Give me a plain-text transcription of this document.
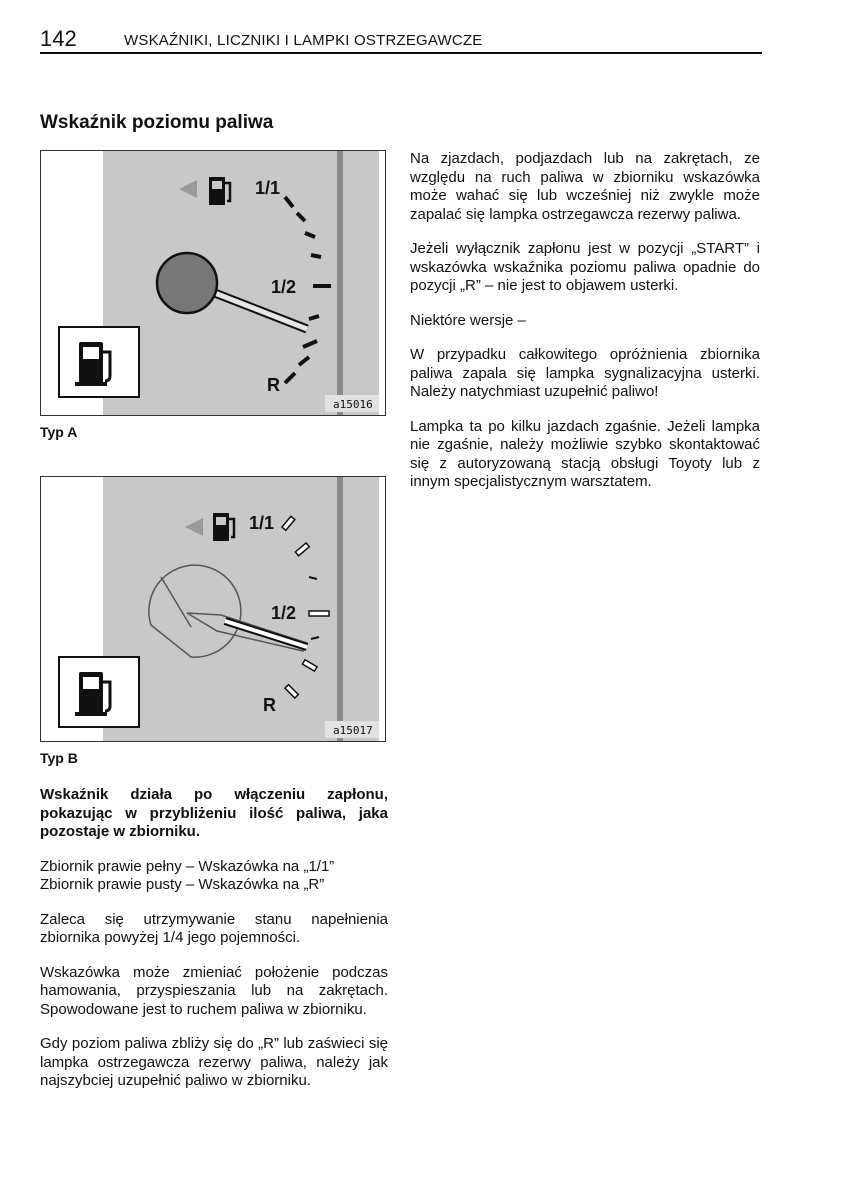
142	WSKAŹNIKI, LICZNIKI I LAMPKI OSTRZEGAWCZE
Wskaźnik poziomu paliwa
1/1
1/2
R
a15016
Typ A
1/1
1/2
R
a15017
Typ B

Wskaźnik działa po włączeniu zapłonu, pokazując w przybliżeniu ilość paliwa, jaka pozostaje w zbiorniku.

Zbiornik prawie pełny – Wskazówka na „1/1”

Zbiornik prawie pusty – Wskazówka na „R”

Zaleca się utrzymywanie stanu napełnienia zbiornika powyżej 1/4 jego pojemności.

Wskazówka może zmieniać położenie podczas hamowania, przyspieszania lub na zakrętach. Spowodowane jest to ruchem paliwa w zbiorniku.

Gdy poziom paliwa zbliży się do „R” lub zaświeci się lampka ostrzegawcza rezerwy paliwa, należy jak najszybciej uzupełnić paliwo w zbiorniku.

Na zjazdach, podjazdach lub na zakrętach, ze względu na ruch paliwa w zbiorniku wskazówka może wahać się lub wcześniej niż zwykle może zapalać się lampka ostrzegawcza rezerwy paliwa.

Jeżeli wyłącznik zapłonu jest w pozycji „START” i wskazówka wskaźnika poziomu paliwa opadnie do pozycji „R” – nie jest to objawem usterki.

Niektóre wersje –

W przypadku całkowitego opróżnienia zbiornika paliwa zapala się lampka sygnalizacyjna usterki. Należy natychmiast uzupełnić paliwo!

Lampka ta po kilku jazdach zgaśnie. Jeżeli lampka nie zgaśnie, należy możliwie szybko skontaktować się z autoryzowaną stacją obsługi Toyoty lub z innym specjalistycznym warsztatem.
